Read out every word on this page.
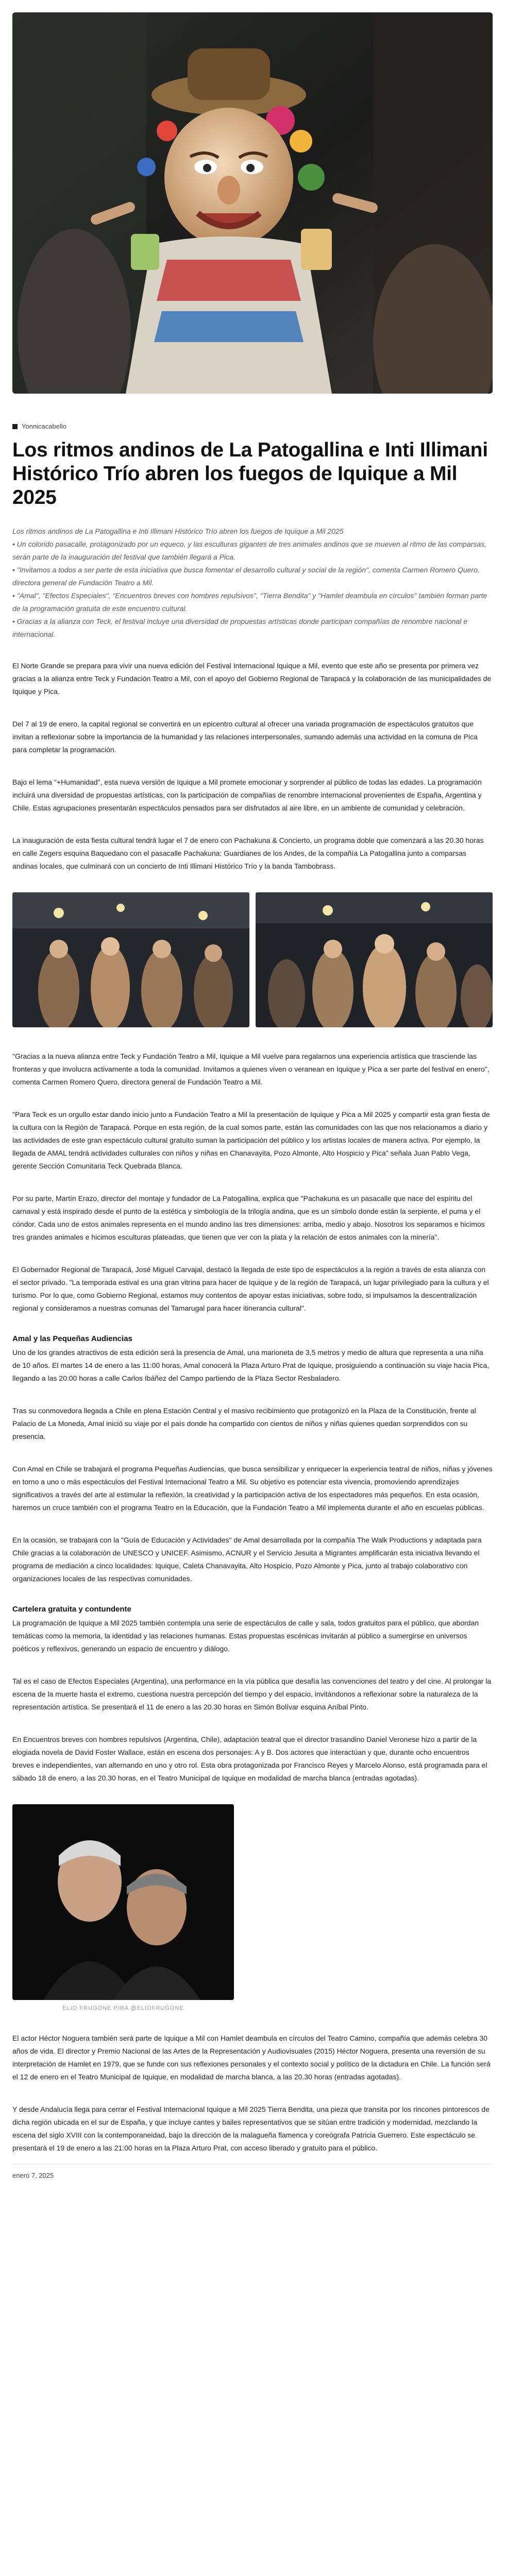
Yonnicacabello
Los ritmos andinos de La Patogallina e Inti Illimani Histórico Trío abren los fuegos de Iquique a Mil 2025

Los ritmos andinos de La Patogallina e Inti Illimani Histórico Trío abren los fuegos de Iquique a Mil 2025

• Un colorido pasacalle, protagonizado por un equeco, y las esculturas gigantes de tres animales andinos que se mueven al ritmo de las comparsas, serán parte de la inauguración del festival que también llegará a Pica.
• "Invitamos a todos a ser parte de esta iniciativa que busca fomentar el desarrollo cultural y social de la región", comenta Carmen Romero Quero, directora general de Fundación Teatro a Mil.
• "Amal", "Efectos Especiales", "Encuentros breves con hombres repulsivos", "Tierra Bendita" y "Hamlet deambula en círculos" también forman parte de la programación gratuita de este encuentro cultural.
• Gracias a la alianza con Teck, el festival incluye una diversidad de propuestas artísticas donde participan compañías de renombre nacional e internacional.

El Norte Grande se prepara para vivir una nueva edición del Festival Internacional Iquique a Mil, evento que este año se presenta por primera vez gracias a la alianza entre Teck y Fundación Teatro a Mil, con el apoyo del Gobierno Regional de Tarapacá y la colaboración de las municipalidades de Iquique y Pica.

Del 7 al 19 de enero, la capital regional se convertirá en un epicentro cultural al ofrecer una variada programación de espectáculos gratuitos que invitan a reflexionar sobre la importancia de la humanidad y las relaciones interpersonales, sumando además una actividad en la comuna de Pica para completar la programación.

Bajo el lema "+Humanidad", esta nueva versión de Iquique a Mil promete emocionar y sorprender al público de todas las edades. La programación incluirá una diversidad de propuestas artísticas, con la participación de compañías de renombre internacional provenientes de España, Argentina y Chile. Estas agrupaciones presentarán espectáculos pensados para ser disfrutados al aire libre, en un ambiente de comunidad y celebración.

La inauguración de esta fiesta cultural tendrá lugar el 7 de enero con Pachakuna & Concierto, un programa doble que comenzará a las 20.30 horas en calle Zegers esquina Baquedano con el pasacalle Pachakuna: Guardianes de los Andes, de la compañía La Patogallina junto a comparsas andinas locales, que culminará con un concierto de Inti Illimani Histórico Trío y la banda Tambobrass.

"Gracias a la nueva alianza entre Teck y Fundación Teatro a Mil, Iquique a Mil vuelve para regalarnos una experiencia artística que trasciende las fronteras y que involucra activamente a toda la comunidad. Invitamos a quienes viven o veranean en Iquique y Pica a ser parte del festival en enero", comenta Carmen Romero Quero, directora general de Fundación Teatro a Mil.

"Para Teck es un orgullo estar dando inicio junto a Fundación Teatro a Mil la presentación de Iquique y Pica a Mil 2025 y compartir esta gran fiesta de la cultura con la Región de Tarapacá. Porque en esta región, de la cual somos parte, están las comunidades con las que nos relacionamos a diario y las actividades de este gran espectáculo cultural gratuito suman la participación del público y los artistas locales de manera activa. Por ejemplo, la llegada de AMAL tendrá actividades culturales con niños y niñas en Chanavayita, Pozo Almonte, Alto Hospicio y Pica" señala Juan Pablo Vega, gerente Sección Comunitaria Teck Quebrada Blanca.

Por su parte, Martín Erazo, director del montaje y fundador de La Patogallina, explica que "Pachakuna es un pasacalle que nace del espíritu del carnaval y está inspirado desde el punto de la estética y simbología de la trilogía andina, que es un símbolo donde están la serpiente, el puma y el cóndor. Cada uno de estos animales representa en el mundo andino las tres dimensiones: arriba, medio y abajo. Nosotros los separamos e hicimos tres grandes animales e hicimos esculturas plateadas, que tienen que ver con la plata y la relación de estos animales con la minería".

El Gobernador Regional de Tarapacá, José Miguel Carvajal, destacó la llegada de este tipo de espectáculos a la región a través de esta alianza con el sector privado. "La temporada estival es una gran vitrina para hacer de Iquique y de la región de Tarapacá, un lugar privilegiado para la cultura y el turismo. Por lo que, como Gobierno Regional, estamos muy contentos de apoyar estas iniciativas, sobre todo, si impulsamos la descentralización regional y consideramos a nuestras comunas del Tamarugal para hacer itinerancia cultural".

Amal y las Pequeñas Audiencias

Uno de los grandes atractivos de esta edición será la presencia de Amal, una marioneta de 3,5 metros y medio de altura que representa a una niña de 10 años. El martes 14 de enero a las 11:00 horas, Amal conocerá la Plaza Arturo Prat de Iquique, prosiguiendo a continuación su viaje hacia Pica, llegando a las 20:00 horas a calle Carlos Ibáñez del Campo partiendo de la Plaza Sector Resbaladero.

Tras su conmovedora llegada a Chile en plena Estación Central y el masivo recibimiento que protagonizó en la Plaza de la Constitución, frente al Palacio de La Moneda, Amal inició su viaje por el país donde ha compartido con cientos de niños y niñas quienes quedan sorprendidos con su presencia.

Con Amal en Chile se trabajará el programa Pequeñas Audiencias, que busca sensibilizar y enriquecer la experiencia teatral de niños, niñas y jóvenes en torno a uno o más espectáculos del Festival Internacional Teatro a Mil. Su objetivo es potenciar esta vivencia, promoviendo aprendizajes significativos a través del arte al estimular la reflexión, la creatividad y la participación activa de los espectadores más pequeños. En esta ocasión, haremos un cruce también con el programa Teatro en la Educación, que la Fundación Teatro a Mil implementa durante el año en escuelas públicas.

En la ocasión, se trabajará con la "Guía de Educación y Actividades" de Amal desarrollada por la compañía The Walk Productions y adaptada para Chile gracias a la colaboración de UNESCO y UNICEF. Asimismo, ACNUR y el Servicio Jesuita a Migrantes amplificarán esta iniciativa llevando el programa de mediación a cinco localidades: Iquique, Caleta Chanavayita, Alto Hospicio, Pozo Almonte y Pica, junto al trabajo colaborativo con organizaciones locales de las respectivas comunidades.

Cartelera gratuita y contundente

La programación de Iquique a Mil 2025 también contempla una serie de espectáculos de calle y sala, todos gratuitos para el público, que abordan temáticas como la memoria, la identidad y las relaciones humanas. Estas propuestas escénicas invitarán al público a sumergirse en universos poéticos y reflexivos, generando un espacio de encuentro y diálogo.

Tal es el caso de Efectos Especiales (Argentina), una performance en la vía pública que desafía las convenciones del teatro y del cine. Al prolongar la escena de la muerte hasta el extremo, cuestiona nuestra percepción del tiempo y del espacio, invitándonos a reflexionar sobre la naturaleza de la representación artística. Se presentará el 11 de enero a las 20.30 horas en Simón Bolívar esquina Aníbal Pinto.

En Encuentros breves con hombres repulsivos (Argentina, Chile), adaptación teatral que el director trasandino Daniel Veronese hizo a partir de la elogiada novela de David Foster Wallace, están en escena dos personajes: A y B. Dos actores que interactúan y que, durante ocho encuentros breves e independientes, van alternando en uno y otro rol. Esta obra protagonizada por Francisco Reyes y Marcelo Alonso, está programada para el sábado 18 de enero, a las 20.30 horas, en el Teatro Municipal de Iquique en modalidad de marcha blanca (entradas agotadas).

ELIO FRUGONE PIRA @ELIOFRUGONE

El actor Héctor Noguera también será parte de Iquique a Mil con Hamlet deambula en círculos del Teatro Camino, compañía que además celebra 30 años de vida. El director y Premio Nacional de las Artes de la Representación y Audiovisuales (2015) Héctor Noguera, presenta una reversión de su interpretación de Hamlet en 1979, que se funde con sus reflexiones personales y el contexto social y político de la dictadura en Chile. La función será el 12 de enero en el Teatro Municipal de Iquique, en modalidad de marcha blanca, a las 20.30 horas (entradas agotadas).

Y desde Andalucía llega para cerrar el Festival Internacional Iquique a Mil 2025 Tierra Bendita, una pieza que transita por los rincones pintorescos de dicha región ubicada en el sur de España, y que incluye cantes y bailes representativos que se sitúan entre tradición y modernidad, mezclando la escena del siglo XVIII con la contemporaneidad, bajo la dirección de la malagueña flamenca y coreógrafa Patricia Guerrero. Este espectáculo se presentará el 19 de enero a las 21:00 horas en la Plaza Arturo Prat, con acceso liberado y gratuito para el público.

enero 7, 2025
